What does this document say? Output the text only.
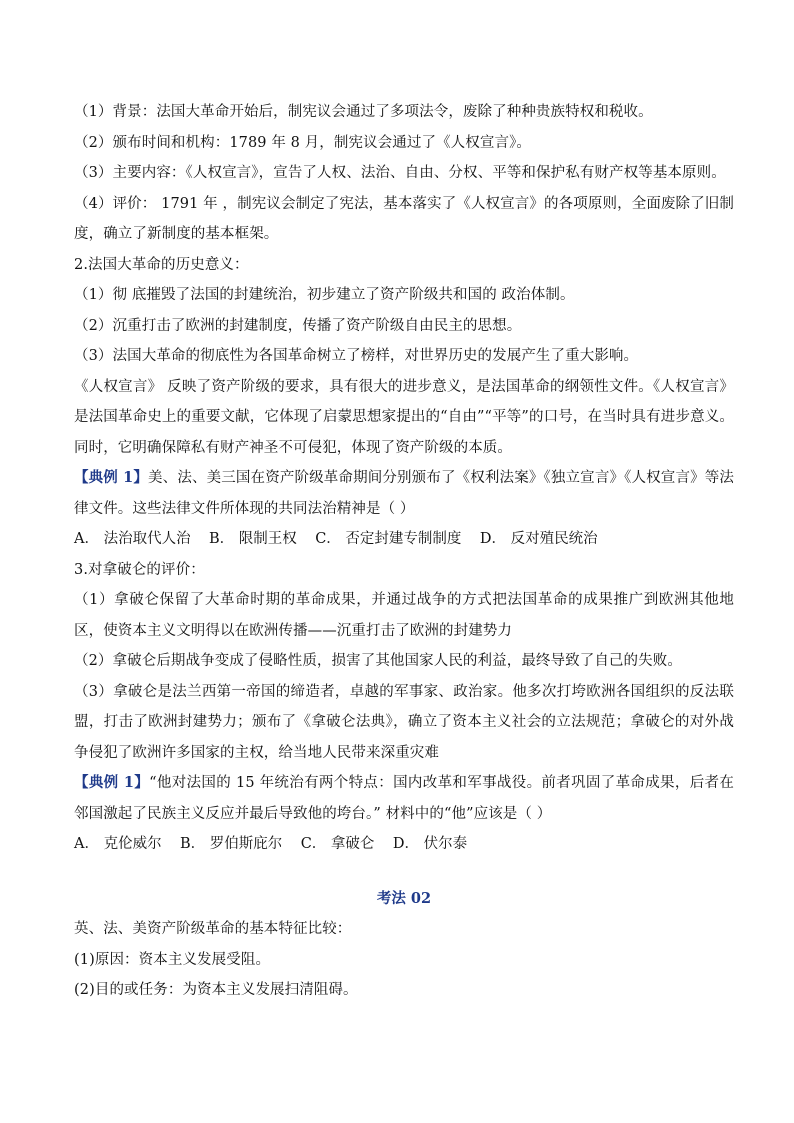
（1）背景：法国大革命开始后，制宪议会通过了多项法令，废除了种种贵族特权和税收。

（2）颁布时间和机构：1789 年 8 月，制宪议会通过了《人权宣言》。

（3）主要内容：《人权宣言》，宣告了人权、法治、自由、分权、平等和保护私有财产权等基本原则。

（4）评价： 1791 年 ，制宪议会制定了宪法，基本落实了《人权宣言》的各项原则，全面废除了旧制度，确立了新制度的基本框架。

2.法国大革命的历史意义：

（1）彻 底摧毁了法国的封建统治，初步建立了资产阶级共和国的 政治体制。

（2）沉重打击了欧洲的封建制度，传播了资产阶级自由民主的思想。

（3）法国大革命的彻底性为各国革命树立了榜样，对世界历史的发展产生了重大影响。

《人权宣言》 反映了资产阶级的要求，具有很大的进步意义，是法国革命的纲领性文件。《人权宣言》是法国革命史上的重要文献，它体现了启蒙思想家提出的“自由”“平等”的口号，在当时具有进步意义。同时，它明确保障私有财产神圣不可侵犯，体现了资产阶级的本质。

【典例 1】美、法、美三国在资产阶级革命期间分别颁布了《权利法案》《独立宣言》《人权宣言》等法律文件。这些法律文件所体现的共同法治精神是（ ）

A． 法治取代人治    B． 限制王权    C． 否定封建专制制度    D． 反对殖民统治

3.对拿破仑的评价：

（1）拿破仑保留了大革命时期的革命成果，并通过战争的方式把法国革命的成果推广到欧洲其他地区，使资本主义文明得以在欧洲传播——沉重打击了欧洲的封建势力

（2）拿破仑后期战争变成了侵略性质，损害了其他国家人民的利益，最终导致了自己的失败。

（3）拿破仑是法兰西第一帝国的缔造者，卓越的军事家、政治家。他多次打垮欧洲各国组织的反法联盟，打击了欧洲封建势力；颁布了《拿破仑法典》，确立了资本主义社会的立法规范；拿破仑的对外战争侵犯了欧洲许多国家的主权，给当地人民带来深重灾难

【典例 1】“他对法国的 15 年统治有两个特点：国内改革和军事战役。前者巩固了革命成果，后者在邻国激起了民族主义反应并最后导致他的垮台。” 材料中的“他”应该是（ ）

A． 克伦威尔    B． 罗伯斯庇尔    C． 拿破仑    D． 伏尔泰

考法 02

英、法、美资产阶级革命的基本特征比较：

(1)原因：资本主义发展受阻。

(2)目的或任务：为资本主义发展扫清阻碍。
